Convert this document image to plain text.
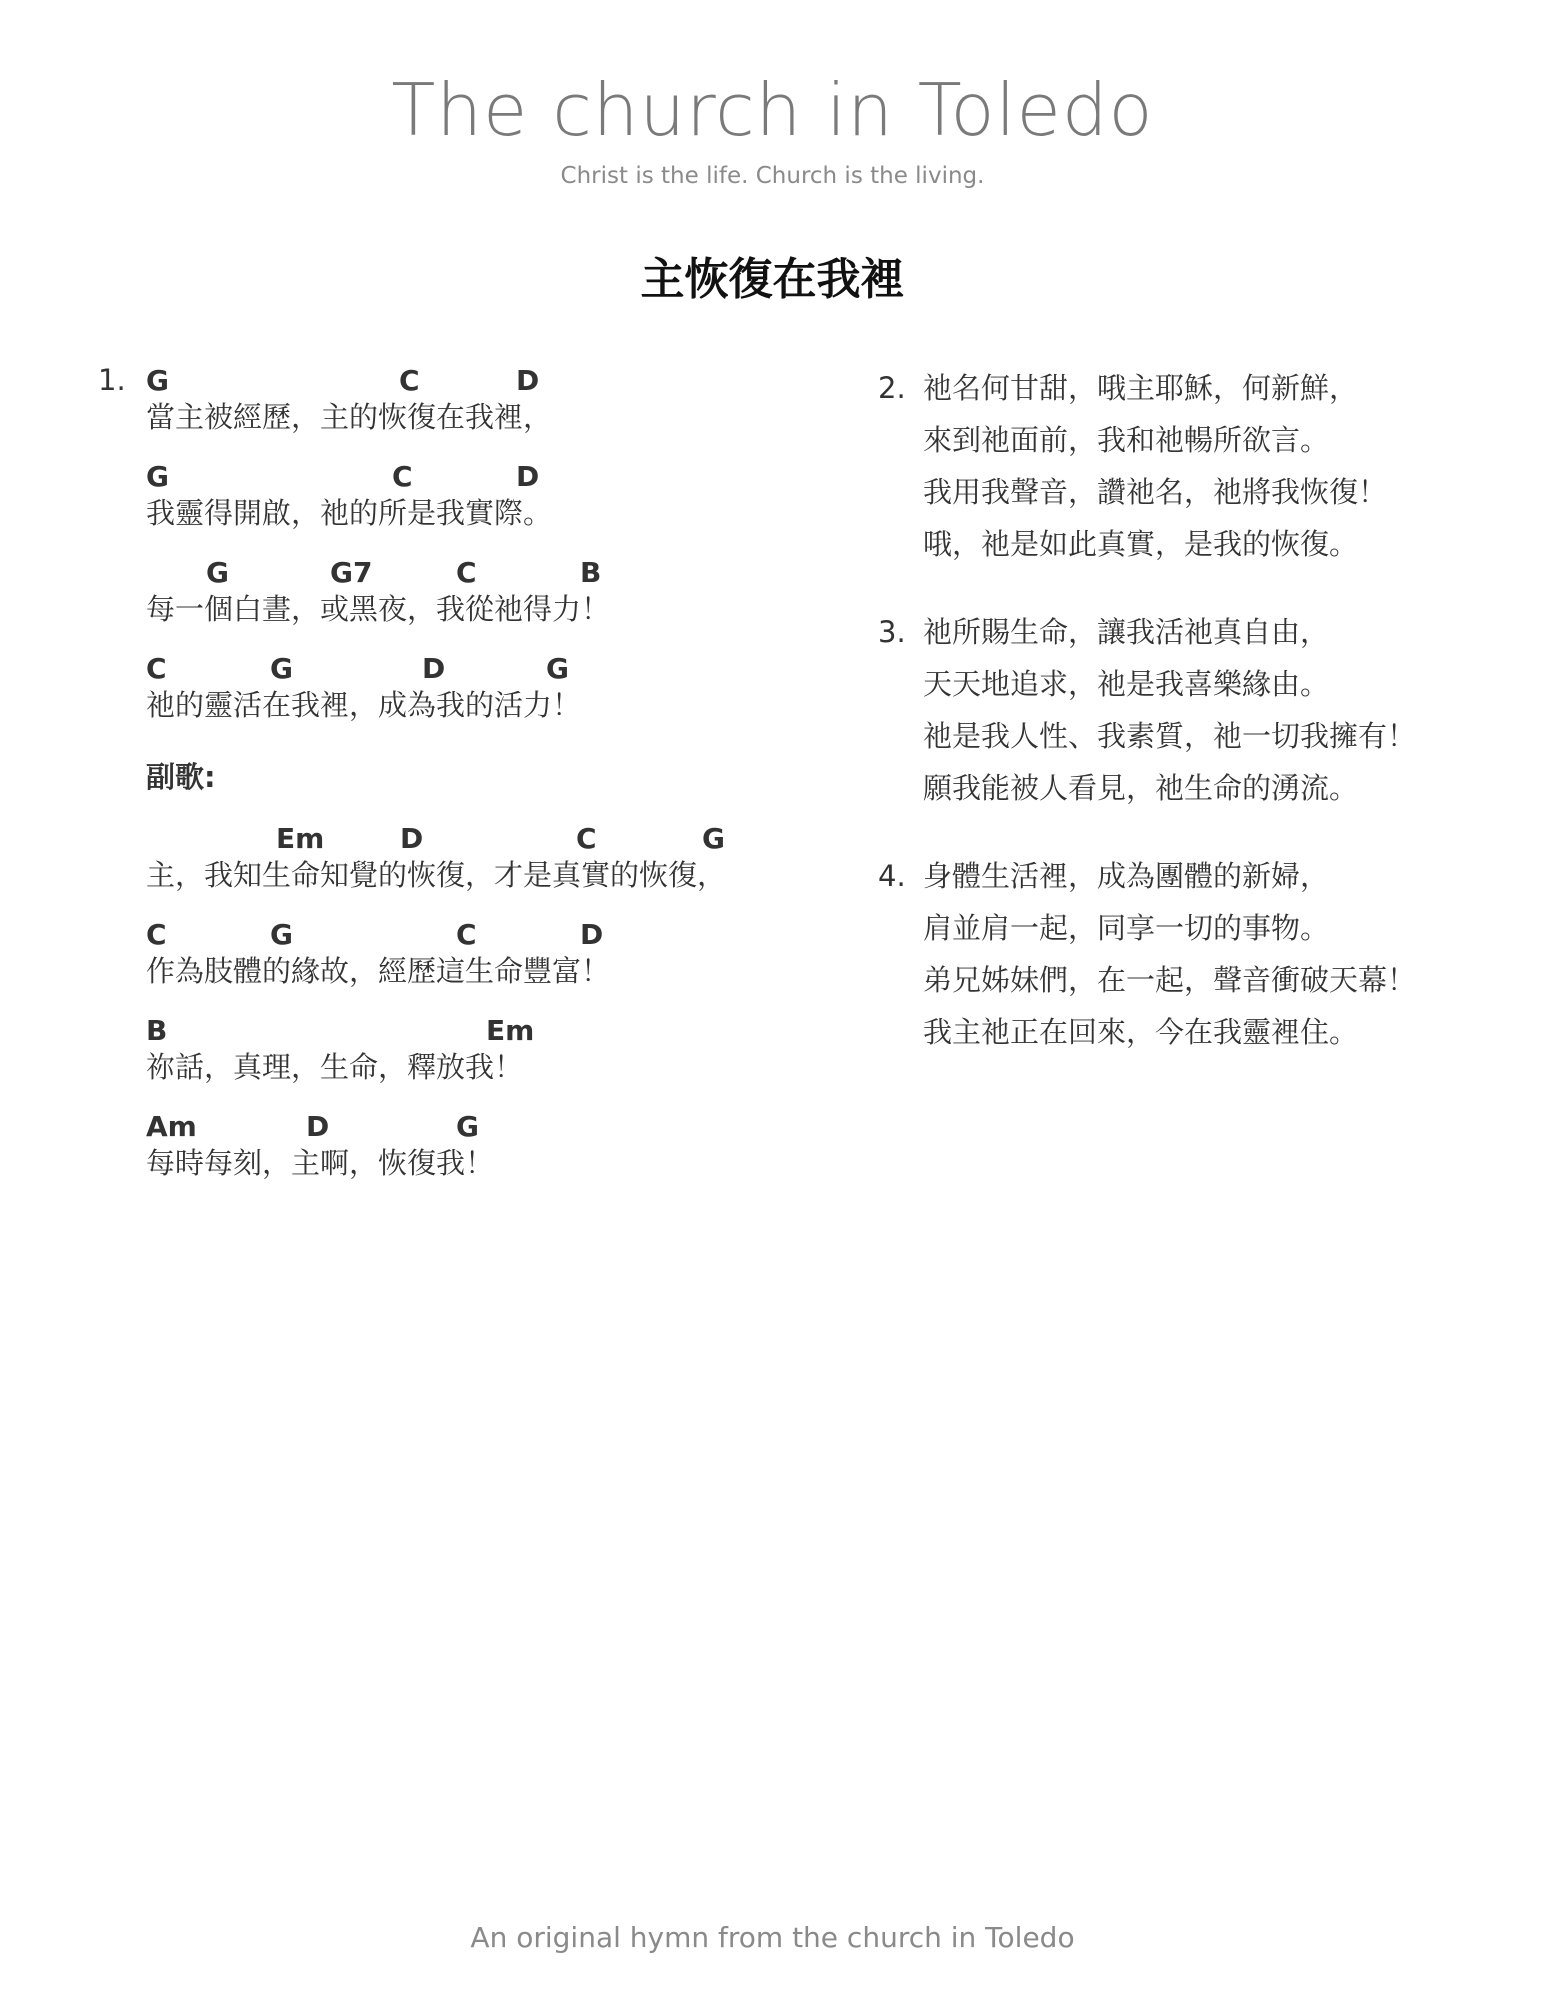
The church in Toledo
Christ is the life. Church is the living.
主恢復在我裡
1. G	C	D
當主被經歷，主的恢復在我裡，
G	C	D
我靈得開啟，祂的所是我實際。
G	G7	C	B
每一個白晝，或黑夜，我從祂得力！
C	G	D	G
祂的靈活在我裡，成為我的活力！
副歌:
Em	D	C	G
主，我知生命知覺的恢復，才是真實的恢復，
C	G	C	D
作為肢體的緣故，經歷這生命豐富！
B	Em
祢話，真理，生命，釋放我！
Am	D	G
每時每刻，主啊，恢復我！
2. 祂名何甘甜，哦主耶穌，何新鮮，
來到祂面前，我和祂暢所欲言。
我用我聲音，讚祂名，祂將我恢復！
哦，祂是如此真實，是我的恢復。
3. 祂所賜生命，讓我活祂真自由，
天天地追求，祂是我喜樂緣由。
祂是我人性、我素質，祂一切我擁有！
願我能被人看見，祂生命的湧流。
4. 身體生活裡，成為團體的新婦，
肩並肩一起，同享一切的事物。
弟兄姊妹們，在一起，聲音衝破天幕！
我主祂正在回來，今在我靈裡住。
An original hymn from the church in Toledo
